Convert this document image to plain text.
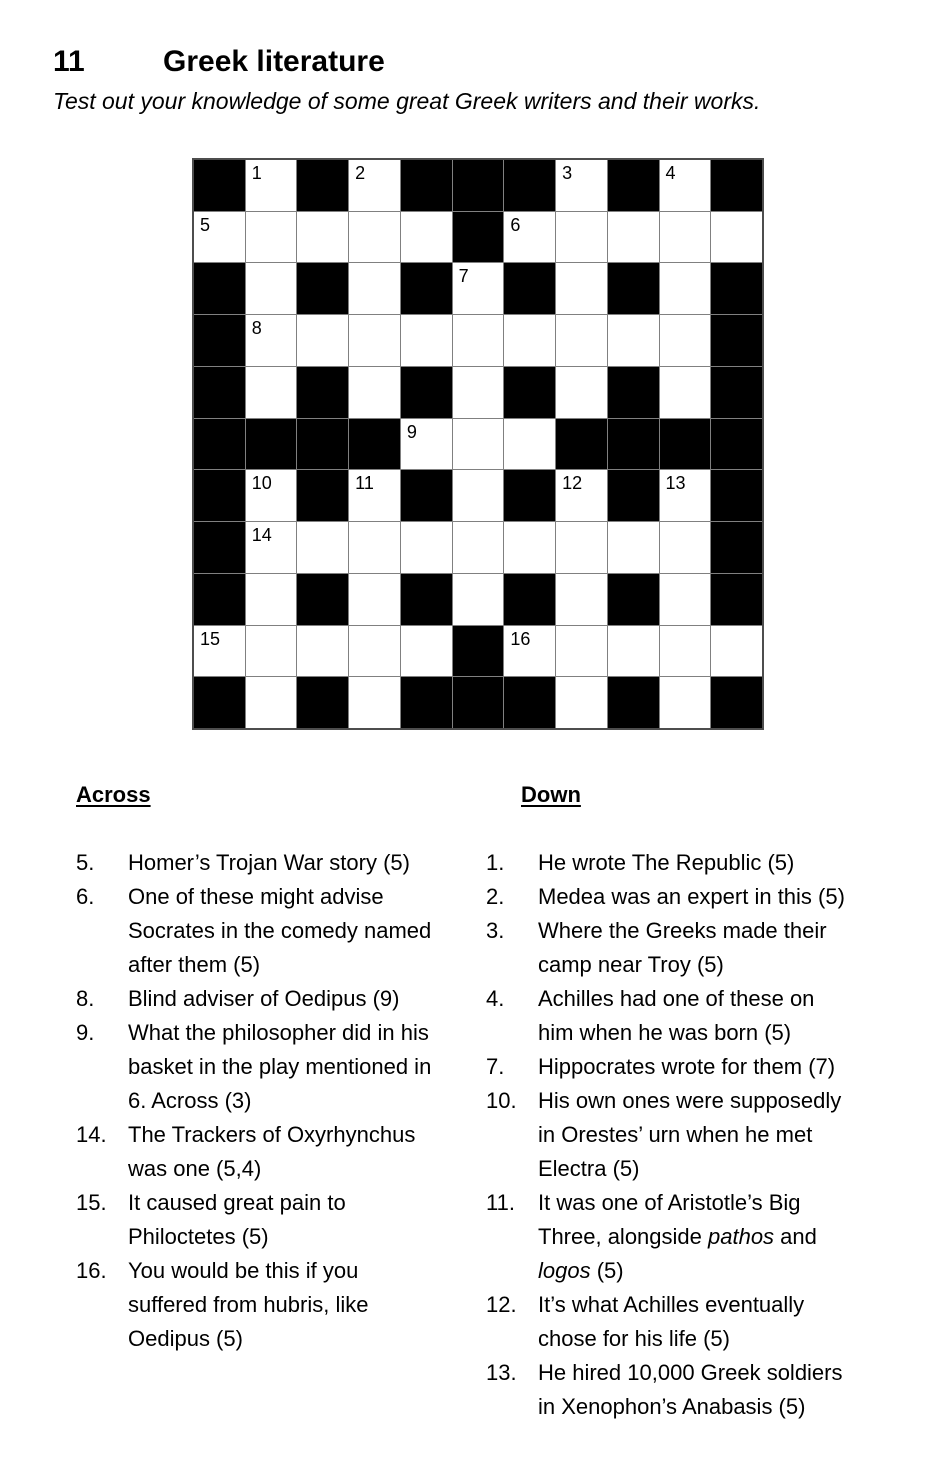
11	Greek literature
Test out your knowledge of some great Greek writers and their works.
1	2	3	4
5	6
7
8
9
10	11	12	13
14
15	16
Across
5.	Homer’s Trojan War story (5)
6.	One of these might advise
Socrates in the comedy named
after them (5)
8.	Blind adviser of Oedipus (9)
9.	What the philosopher did in his
basket in the play mentioned in
6. Across (3)
14. The Trackers of Oxyrhynchus
was one (5,4)
15. It caused great pain to
Philoctetes (5)
16. You would be this if you
suffered from hubris, like
Oedipus (5)
Down
1.	He wrote The Republic (5)
2.	Medea was an expert in this (5)
3.	Where the Greeks made their
camp near Troy (5)
4.	Achilles had one of these on
him when he was born (5)
7.	Hippocrates wrote for them (7)
10. His own ones were supposedly
in Orestes’ urn when he met
Electra (5)
11.	It was one of Aristotle’s Big
Three, alongside pathos and
logos (5)
12. It’s what Achilles eventually
chose for his life (5)
13. He hired 10,000 Greek soldiers
in Xenophon’s Anabasis (5)
